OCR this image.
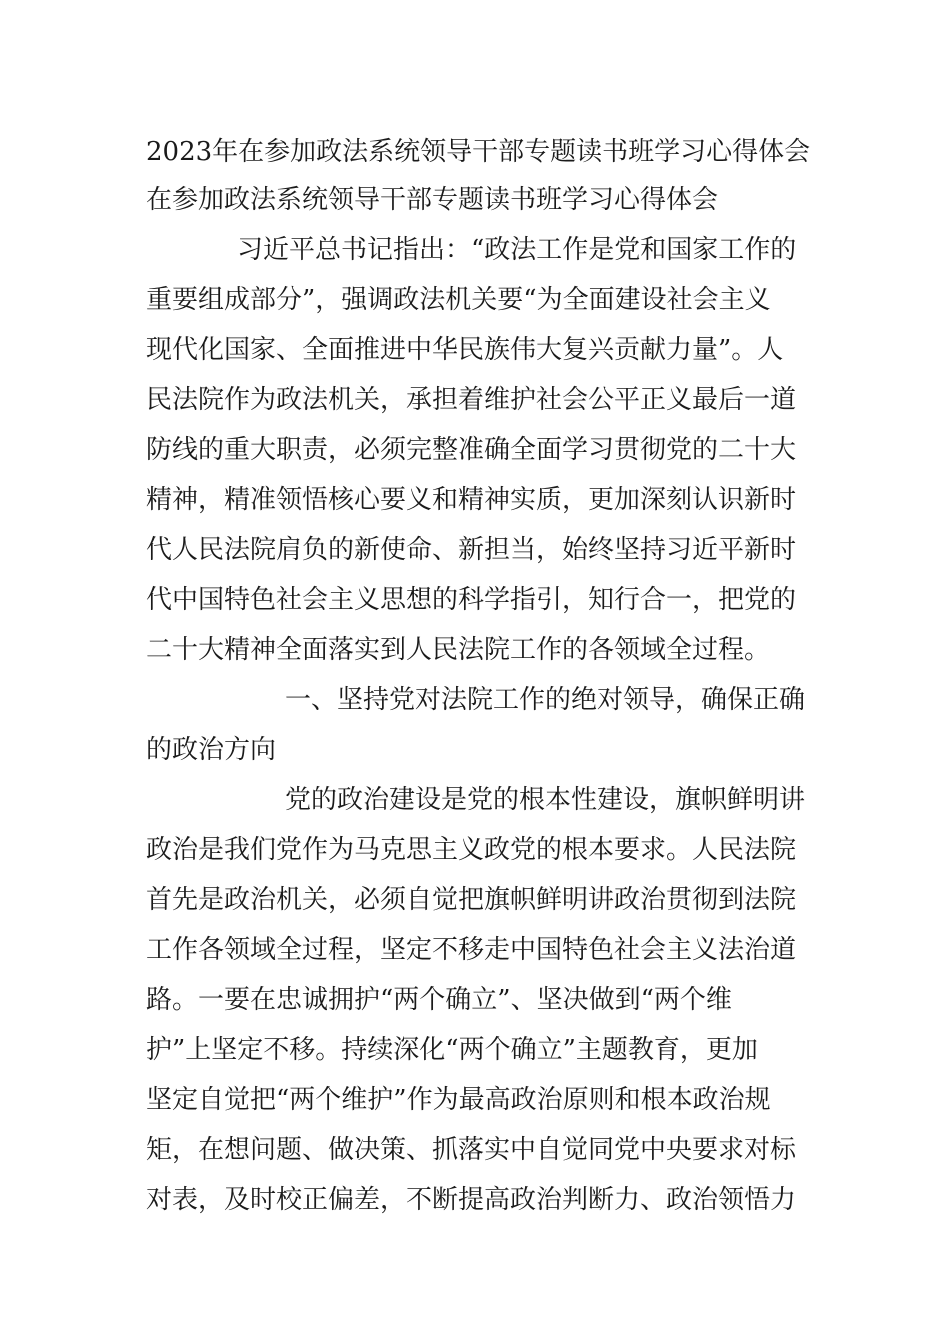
2023年在参加政法系统领导干部专题读书班学习心得体会

在参加政法系统领导干部专题读书班学习心得体会

习近平总书记指出：“政法工作是党和国家工作的

重要组成部分”，强调政法机关要“为全面建设社会主义

现代化国家、全面推进中华民族伟大复兴贡献力量”。人

民法院作为政法机关，承担着维护社会公平正义最后一道

防线的重大职责，必须完整准确全面学习贯彻党的二十大

精神，精准领悟核心要义和精神实质，更加深刻认识新时

代人民法院肩负的新使命、新担当，始终坚持习近平新时

代中国特色社会主义思想的科学指引，知行合一，把党的

二十大精神全面落实到人民法院工作的各领域全过程。

一、坚持党对法院工作的绝对领导，确保正确

的政治方向

党的政治建设是党的根本性建设，旗帜鲜明讲

政治是我们党作为马克思主义政党的根本要求。人民法院

首先是政治机关，必须自觉把旗帜鲜明讲政治贯彻到法院

工作各领域全过程，坚定不移走中国特色社会主义法治道

路。一要在忠诚拥护“两个确立”、坚决做到“两个维

护”上坚定不移。持续深化“两个确立”主题教育，更加

坚定自觉把“两个维护”作为最高政治原则和根本政治规

矩，在想问题、做决策、抓落实中自觉同党中央要求对标

对表，及时校正偏差，不断提高政治判断力、政治领悟力
